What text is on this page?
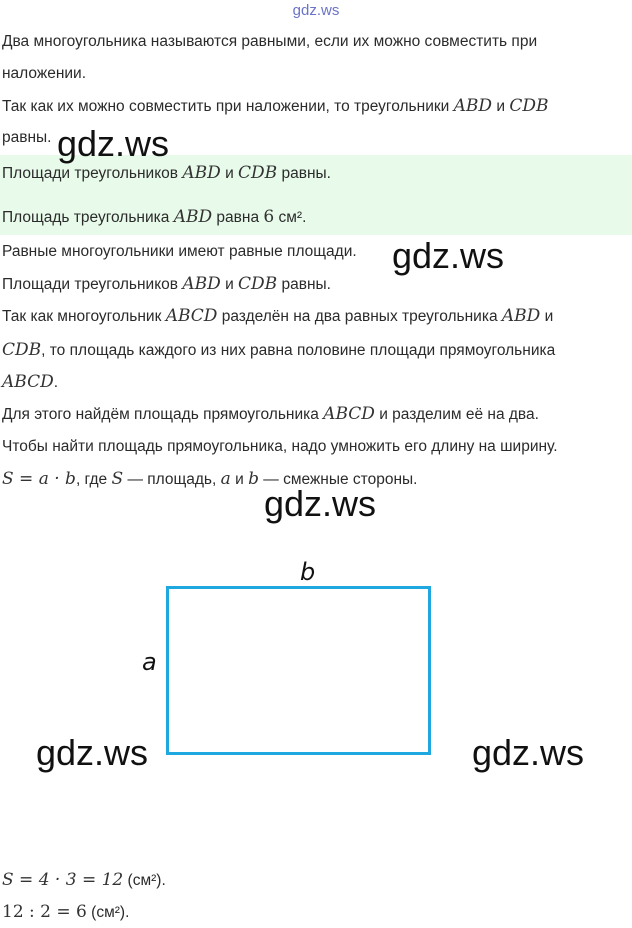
gdz.ws
Два многоугольника называются равными, если их можно совместить при
наложении.
Так как их можно совместить при наложении, то треугольники ABD и CDB
равны.
Площади треугольников ABD и CDB равны.
Площадь треугольника ABD равна 6 см².
Равные многоугольники имеют равные площади.
Площади треугольников ABD и CDB равны.
Так как многоугольник ABCD разделён на два равных треугольника ABD и
CDB, то площадь каждого из них равна половине площади прямоугольника
ABCD.
Для этого найдём площадь прямоугольника ABCD и разделим её на два.
Чтобы найти площадь прямоугольника, надо умножить его длину на ширину.
S = a · b, где S — площадь, a и b — смежные стороны.
b
a
S = 4 · 3 = 12 (см²).
12 : 2 = 6 (см²).
gdz.ws
gdz.ws
gdz.ws
gdz.ws	gdz.ws
